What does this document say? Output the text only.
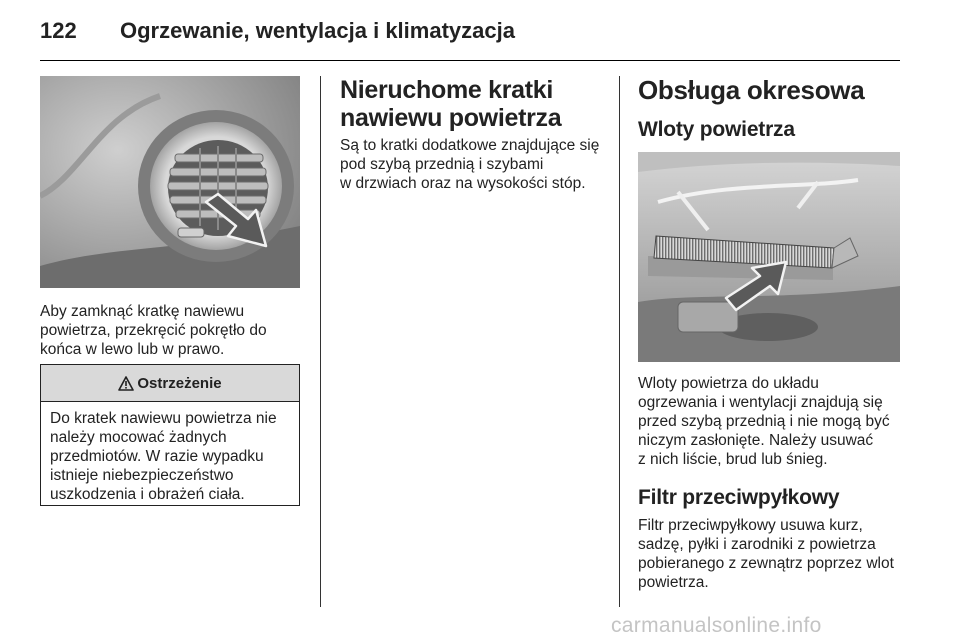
122 Ogrzewanie, wentylacja i klimatyzacja

Aby zamknąć kratkę nawiewu
powietrza, przekręcić pokrętło do
końca w lewo lub w prawo.

Ostrzeżenie

Do kratek nawiewu powietrza nie
należy mocować żadnych
przedmiotów. W razie wypadku
istnieje niebezpieczeństwo
uszkodzenia i obrażeń ciała.

Nieruchome kratki
nawiewu powietrza

Są to kratki dodatkowe znajdujące się
pod szybą przednią i szybami
w drzwiach oraz na wysokości stóp.

Obsługa okresowa
Wloty powietrza

Wloty powietrza do układu
ogrzewania i wentylacji znajdują się
przed szybą przednią i nie mogą być
niczym zasłonięte. Należy usuwać
z nich liście, brud lub śnieg.

Filtr przeciwpyłkowy

Filtr przeciwpyłkowy usuwa kurz,
sadzę, pyłki i zarodniki z powietrza
pobieranego z zewnątrz poprzez wlot
powietrza.

carmanualsonline.info
